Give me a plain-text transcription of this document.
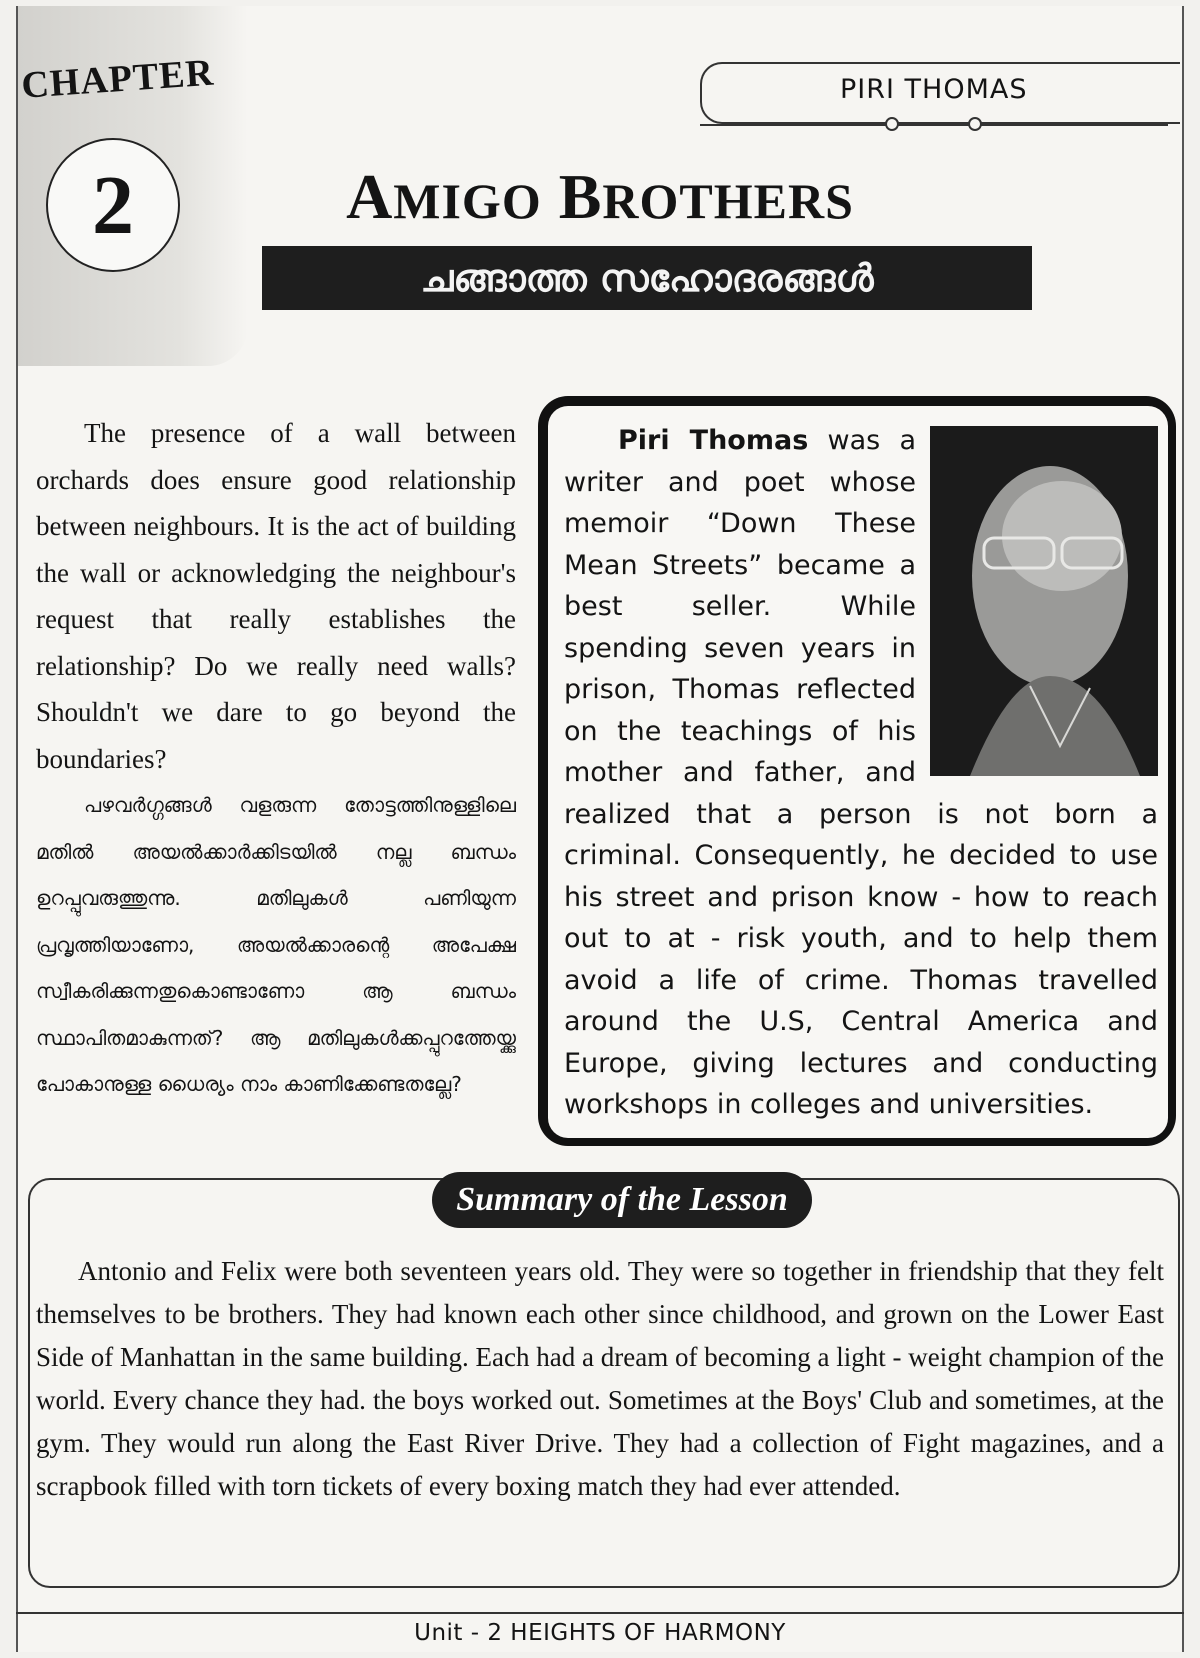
CHAPTER
2
PIRI THOMAS
AMIGO BROTHERS
ചങ്ങാത്ത സഹോദരങ്ങൾ

The presence of a wall between orchards does ensure good relationship between neighbours. It is the act of building the wall or acknowledging the neighbour's request that really establishes the relationship? Do we really need walls? Shouldn't we dare to go beyond the boundaries?

പഴവർഗ്ഗങ്ങൾ വളരുന്ന തോട്ടത്തിനുള്ളിലെ മതിൽ അയൽക്കാർക്കിടയിൽ നല്ല ബന്ധം ഉറപ്പുവരുത്തുന്നു. മതിലുകൾ പണിയുന്ന പ്രവൃത്തിയാണോ, അയൽക്കാരന്റെ അപേക്ഷ സ്വീകരിക്കുന്നതുകൊണ്ടാണോ ആ ബന്ധം സ്ഥാപിതമാകുന്നത്? ആ മതിലുകൾക്കപ്പുറത്തേയ്ക്കു പോകാനുള്ള ധൈര്യം നാം കാണിക്കേണ്ടതല്ലേ?

Piri Thomas was a writer and poet whose memoir “Down These Mean Streets” became a best seller. While spending seven years in prison, Thomas reflected on the teachings of his mother and father, and realized that a person is not born a criminal. Consequently, he decided to use his street and prison know - how to reach out to at - risk youth, and to help them avoid a life of crime. Thomas travelled around the U.S, Central America and Europe, giving lectures and conducting workshops in colleges and universities.
Summary of the Lesson

Antonio and Felix were both seventeen years old. They were so together in friendship that they felt themselves to be brothers. They had known each other since childhood, and grown on the Lower East Side of Manhattan in the same building. Each had a dream of becoming a light - weight champion of the world. Every chance they had. the boys worked out. Sometimes at the Boys' Club and sometimes, at the gym. They would run along the East River Drive. They had a collection of Fight magazines, and a scrapbook filled with torn tickets of every boxing match they had ever attended.

Unit - 2 HEIGHTS OF HARMONY
